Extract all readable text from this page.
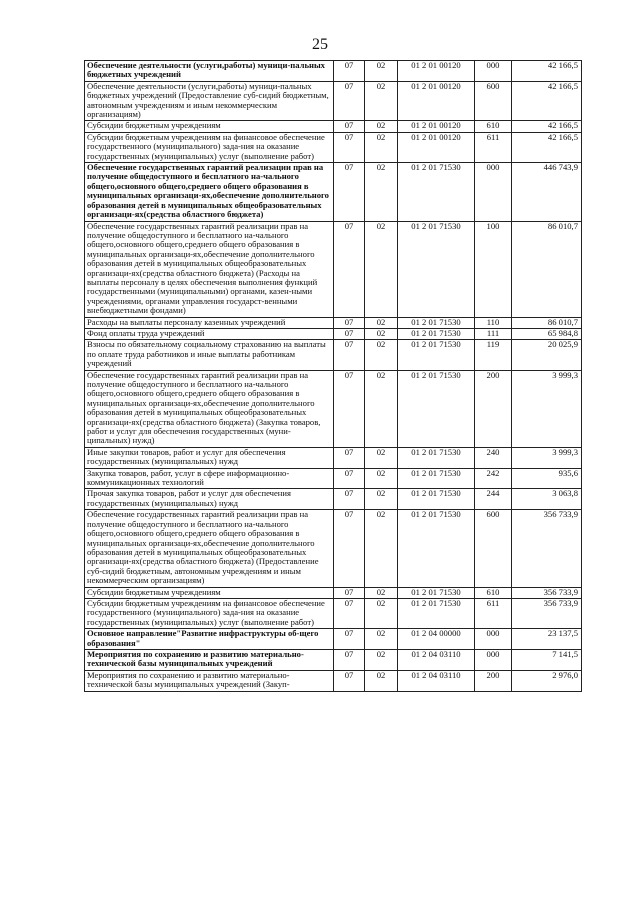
25
Обеспечение деятельности (услуги,работы) муници-пальных бюджетных учреждений	07	02	01 2 01 00120	000	42 166,5
Обеспечение деятельности (услуги,работы) муници-пальных бюджетных учреждений (Предоставление суб-сидий бюджетным, автономным учреждениям и иным некоммерческим организациям)	07	02	01 2 01 00120	600	42 166,5
Субсидии бюджетным учреждениям	07	02	01 2 01 00120	610	42 166,5
Субсидии бюджетным учреждениям на финансовое обеспечение государственного (муниципального) зада-ния на оказание государственных (муниципальных) услуг (выполнение работ)	07	02	01 2 01 00120	611	42 166,5
Обеспечение государственных гарантий реализации прав на получение общедоступного и бесплатного на-чального общего,основного общего,среднего общего образования в муниципальных организаци-ях,обеспечение дополнительного образования детей в муниципальных общеобразовательных организаци-ях(средства областного бюджета)	07	02	01 2 01 71530	000	446 743,9
Обеспечение государственных гарантий реализации прав на получение общедоступного и бесплатного на-чального общего,основного общего,среднего общего образования в муниципальных организаци-ях,обеспечение дополнительного образования детей в муниципальных общеобразовательных организаци-ях(средства областного бюджета) (Расходы на выплаты персоналу в целях обеспечения выполнения функций государственными (муниципальными) органами, казен-ными учреждениями, органами управления государст-венными внебюджетными фондами)	07	02	01 2 01 71530	100	86 010,7
Расходы на выплаты персоналу казенных учреждений	07	02	01 2 01 71530	110	86 010,7
Фонд оплаты труда учреждений	07	02	01 2 01 71530	111	65 984,8
Взносы по обязательному социальному страхованию на выплаты по оплате труда работников и иные выплаты работникам учреждений	07	02	01 2 01 71530	119	20 025,9
Обеспечение государственных гарантий реализации прав на получение общедоступного и бесплатного на-чального общего,основного общего,среднего общего образования в муниципальных организаци-ях,обеспечение дополнительного образования детей в муниципальных общеобразовательных организаци-ях(средства областного бюджета) (Закупка товаров, работ и услуг для обеспечения государственных (муни-ципальных) нужд)	07	02	01 2 01 71530	200	3 999,3
Иные закупки товаров, работ и услуг для обеспечения государственных (муниципальных) нужд	07	02	01 2 01 71530	240	3 999,3
Закупка товаров, работ, услуг в сфере информационно-коммуникационных технологий	07	02	01 2 01 71530	242	935,6
Прочая закупка товаров, работ и услуг для обеспечения государственных (муниципальных) нужд	07	02	01 2 01 71530	244	3 063,8
Обеспечение государственных гарантий реализации прав на получение общедоступного и бесплатного на-чального общего,основного общего,среднего общего образования в муниципальных организаци-ях,обеспечение дополнительного образования детей в муниципальных общеобразовательных организаци-ях(средства областного бюджета) (Предоставление суб-сидий бюджетным, автономным учреждениям и иным некоммерческим организациям)	07	02	01 2 01 71530	600	356 733,9
Субсидии бюджетным учреждениям	07	02	01 2 01 71530	610	356 733,9
Субсидии бюджетным учреждениям на финансовое обеспечение государственного (муниципального) зада-ния на оказание государственных (муниципальных) услуг (выполнение работ)	07	02	01 2 01 71530	611	356 733,9
Основное направление"Развитие инфраструктуры об-щего образования"	07	02	01 2 04 00000	000	23 137,5
Мероприятия по сохранению и развитию материально-технической базы муниципальных учреждений	07	02	01 2 04 03110	000	7 141,5
Мероприятия по сохранению и развитию материально-технической базы муниципальных учреждений (Закуп-	07	02	01 2 04 03110	200	2 976,0
